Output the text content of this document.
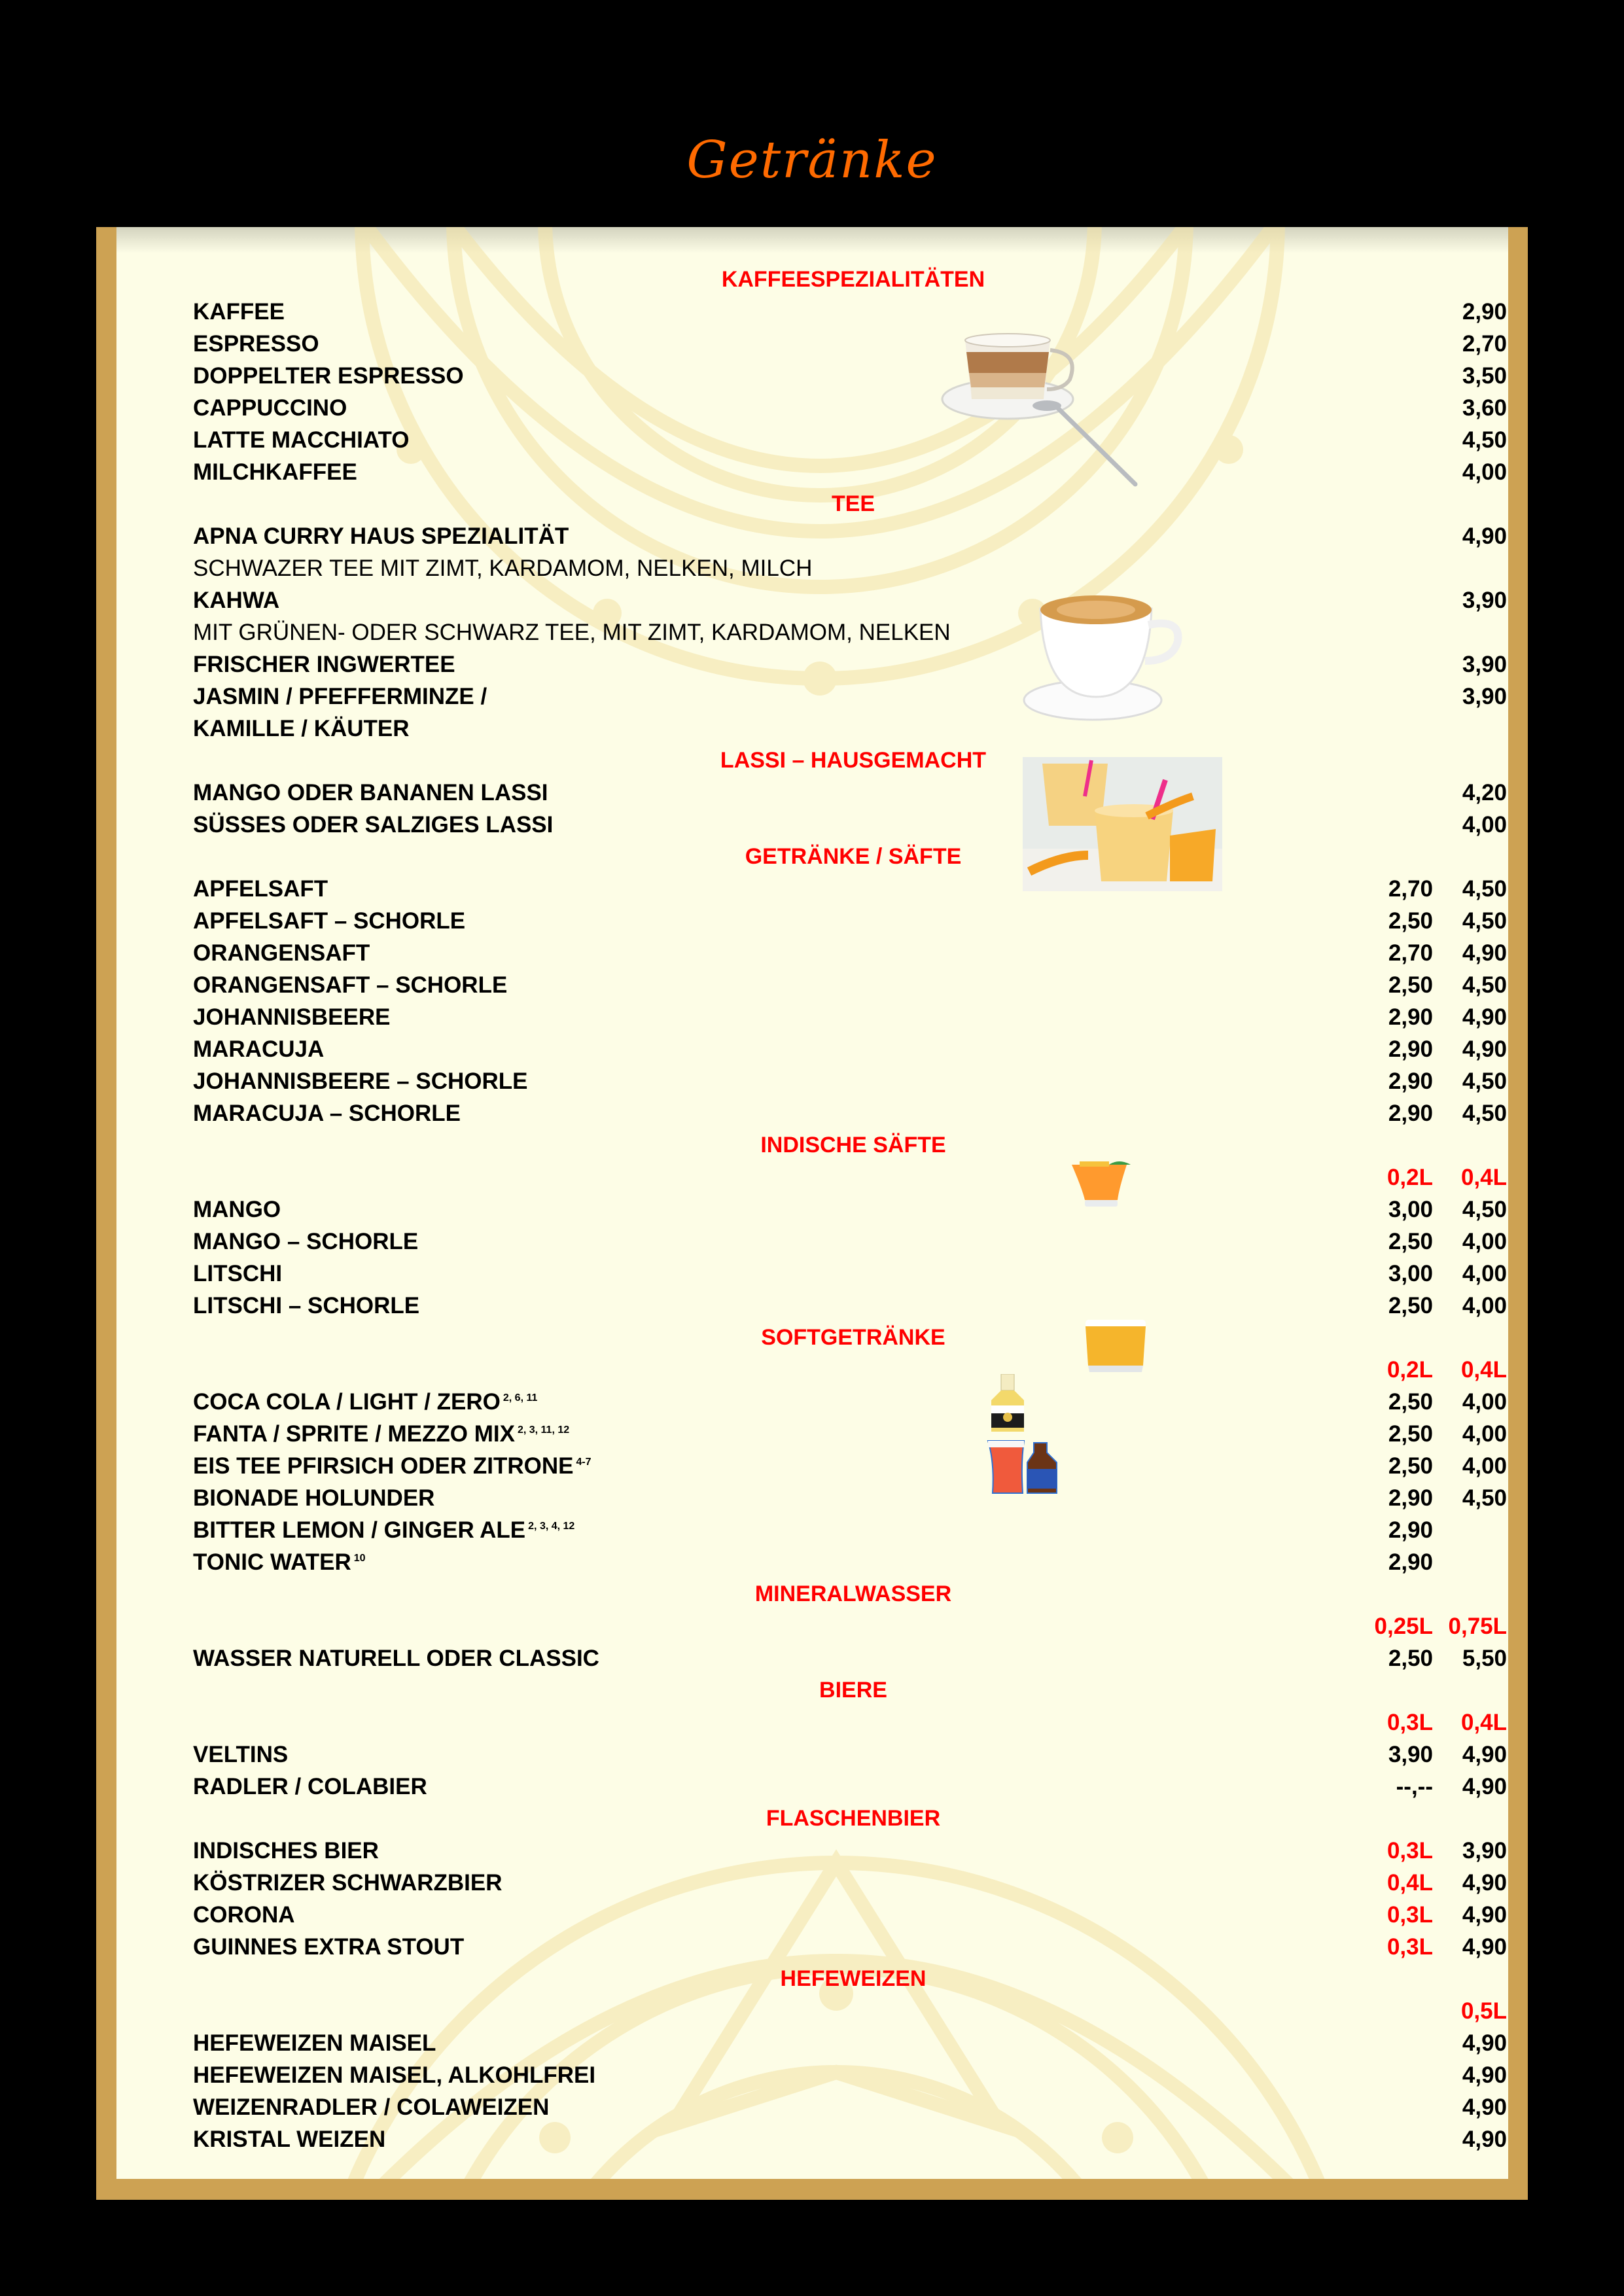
Getränke
KAFFEESPEZIALITÄTEN
KAFFEE	2,90
ESPRESSO	2,70
DOPPELTER ESPRESSO	3,50
CAPPUCCINO	3,60
LATTE MACCHIATO	4,50
MILCHKAFFEE	4,00
TEE
APNA CURRY HAUS SPEZIALITÄT	4,90
SCHWAZER TEE MIT ZIMT, KARDAMOM, NELKEN, MILCH
KAHWA	3,90
MIT GRÜNEN- ODER SCHWARZ TEE, MIT ZIMT, KARDAMOM, NELKEN
FRISCHER INGWERTEE	3,90
JASMIN / PFEFFERMINZE /	3,90
KAMILLE / KÄUTER
LASSI – HAUSGEMACHT
MANGO ODER BANANEN LASSI	4,20
SÜSSES ODER SALZIGES LASSI	4,00
GETRÄNKE / SÄFTE
APFELSAFT	2,70	4,50
APFELSAFT – SCHORLE	2,50	4,50
ORANGENSAFT	2,70	4,90
ORANGENSAFT – SCHORLE	2,50	4,50
JOHANNISBEERE	2,90	4,90
MARACUJA	2,90	4,90
JOHANNISBEERE – SCHORLE	2,90	4,50
MARACUJA – SCHORLE	2,90	4,50
INDISCHE SÄFTE
0,2L	0,4L
MANGO	3,00	4,50
MANGO – SCHORLE	2,50	4,00
LITSCHI	3,00	4,00
LITSCHI – SCHORLE	2,50	4,00
SOFTGETRÄNKE
0,2L	0,4L
COCA COLA / LIGHT / ZERO $^{2, 6, 11}$	2,50	4,00
FANTA / SPRITE / MEZZO MIX $^{2, 3, 11, 12}$	2,50	4,00
EIS TEE PFIRSICH ODER ZITRONE $^{4-7}$	2,50	4,00
BIONADE HOLUNDER	2,90	4,50
BITTER LEMON / GINGER ALE $^{2, 3, 4, 12}$	2,90
TONIC WATER $^{10}$	2,90
MINERALWASSER
0,25L 0,75L
WASSER NATURELL ODER CLASSIC	2,50	5,50
BIERE
0,3L	0,4L
VELTINS	3,90	4,90
RADLER / COLABIER	--,--	4,90
FLASCHENBIER
INDISCHES BIER	0,3L	3,90
KÖSTRIZER SCHWARZBIER	0,4L	4,90
CORONA	0,3L	4,90
GUINNES EXTRA STOUT	0,3L	4,90
HEFEWEIZEN
0,5L
HEFEWEIZEN MAISEL	4,90
HEFEWEIZEN MAISEL, ALKOHLFREI	4,90
WEIZENRADLER / COLAWEIZEN	4,90
KRISTAL WEIZEN	4,90
